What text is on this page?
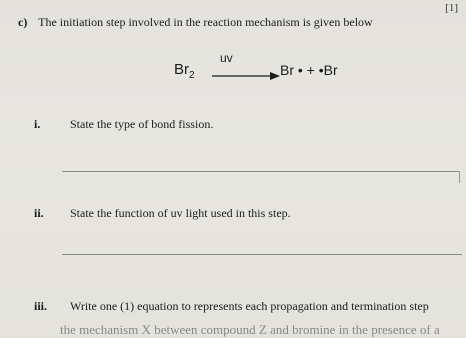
[1]
c) The initiation step involved in the reaction mechanism is given below
$Br_2$
uv
Br • + •Br
i. State the type of bond fission.
ii. State the function of uv light used in this step.
iii. Write one (1) equation to represents each propagation and termination step
the mechanism X between compound Z and bromine in the presence of a
